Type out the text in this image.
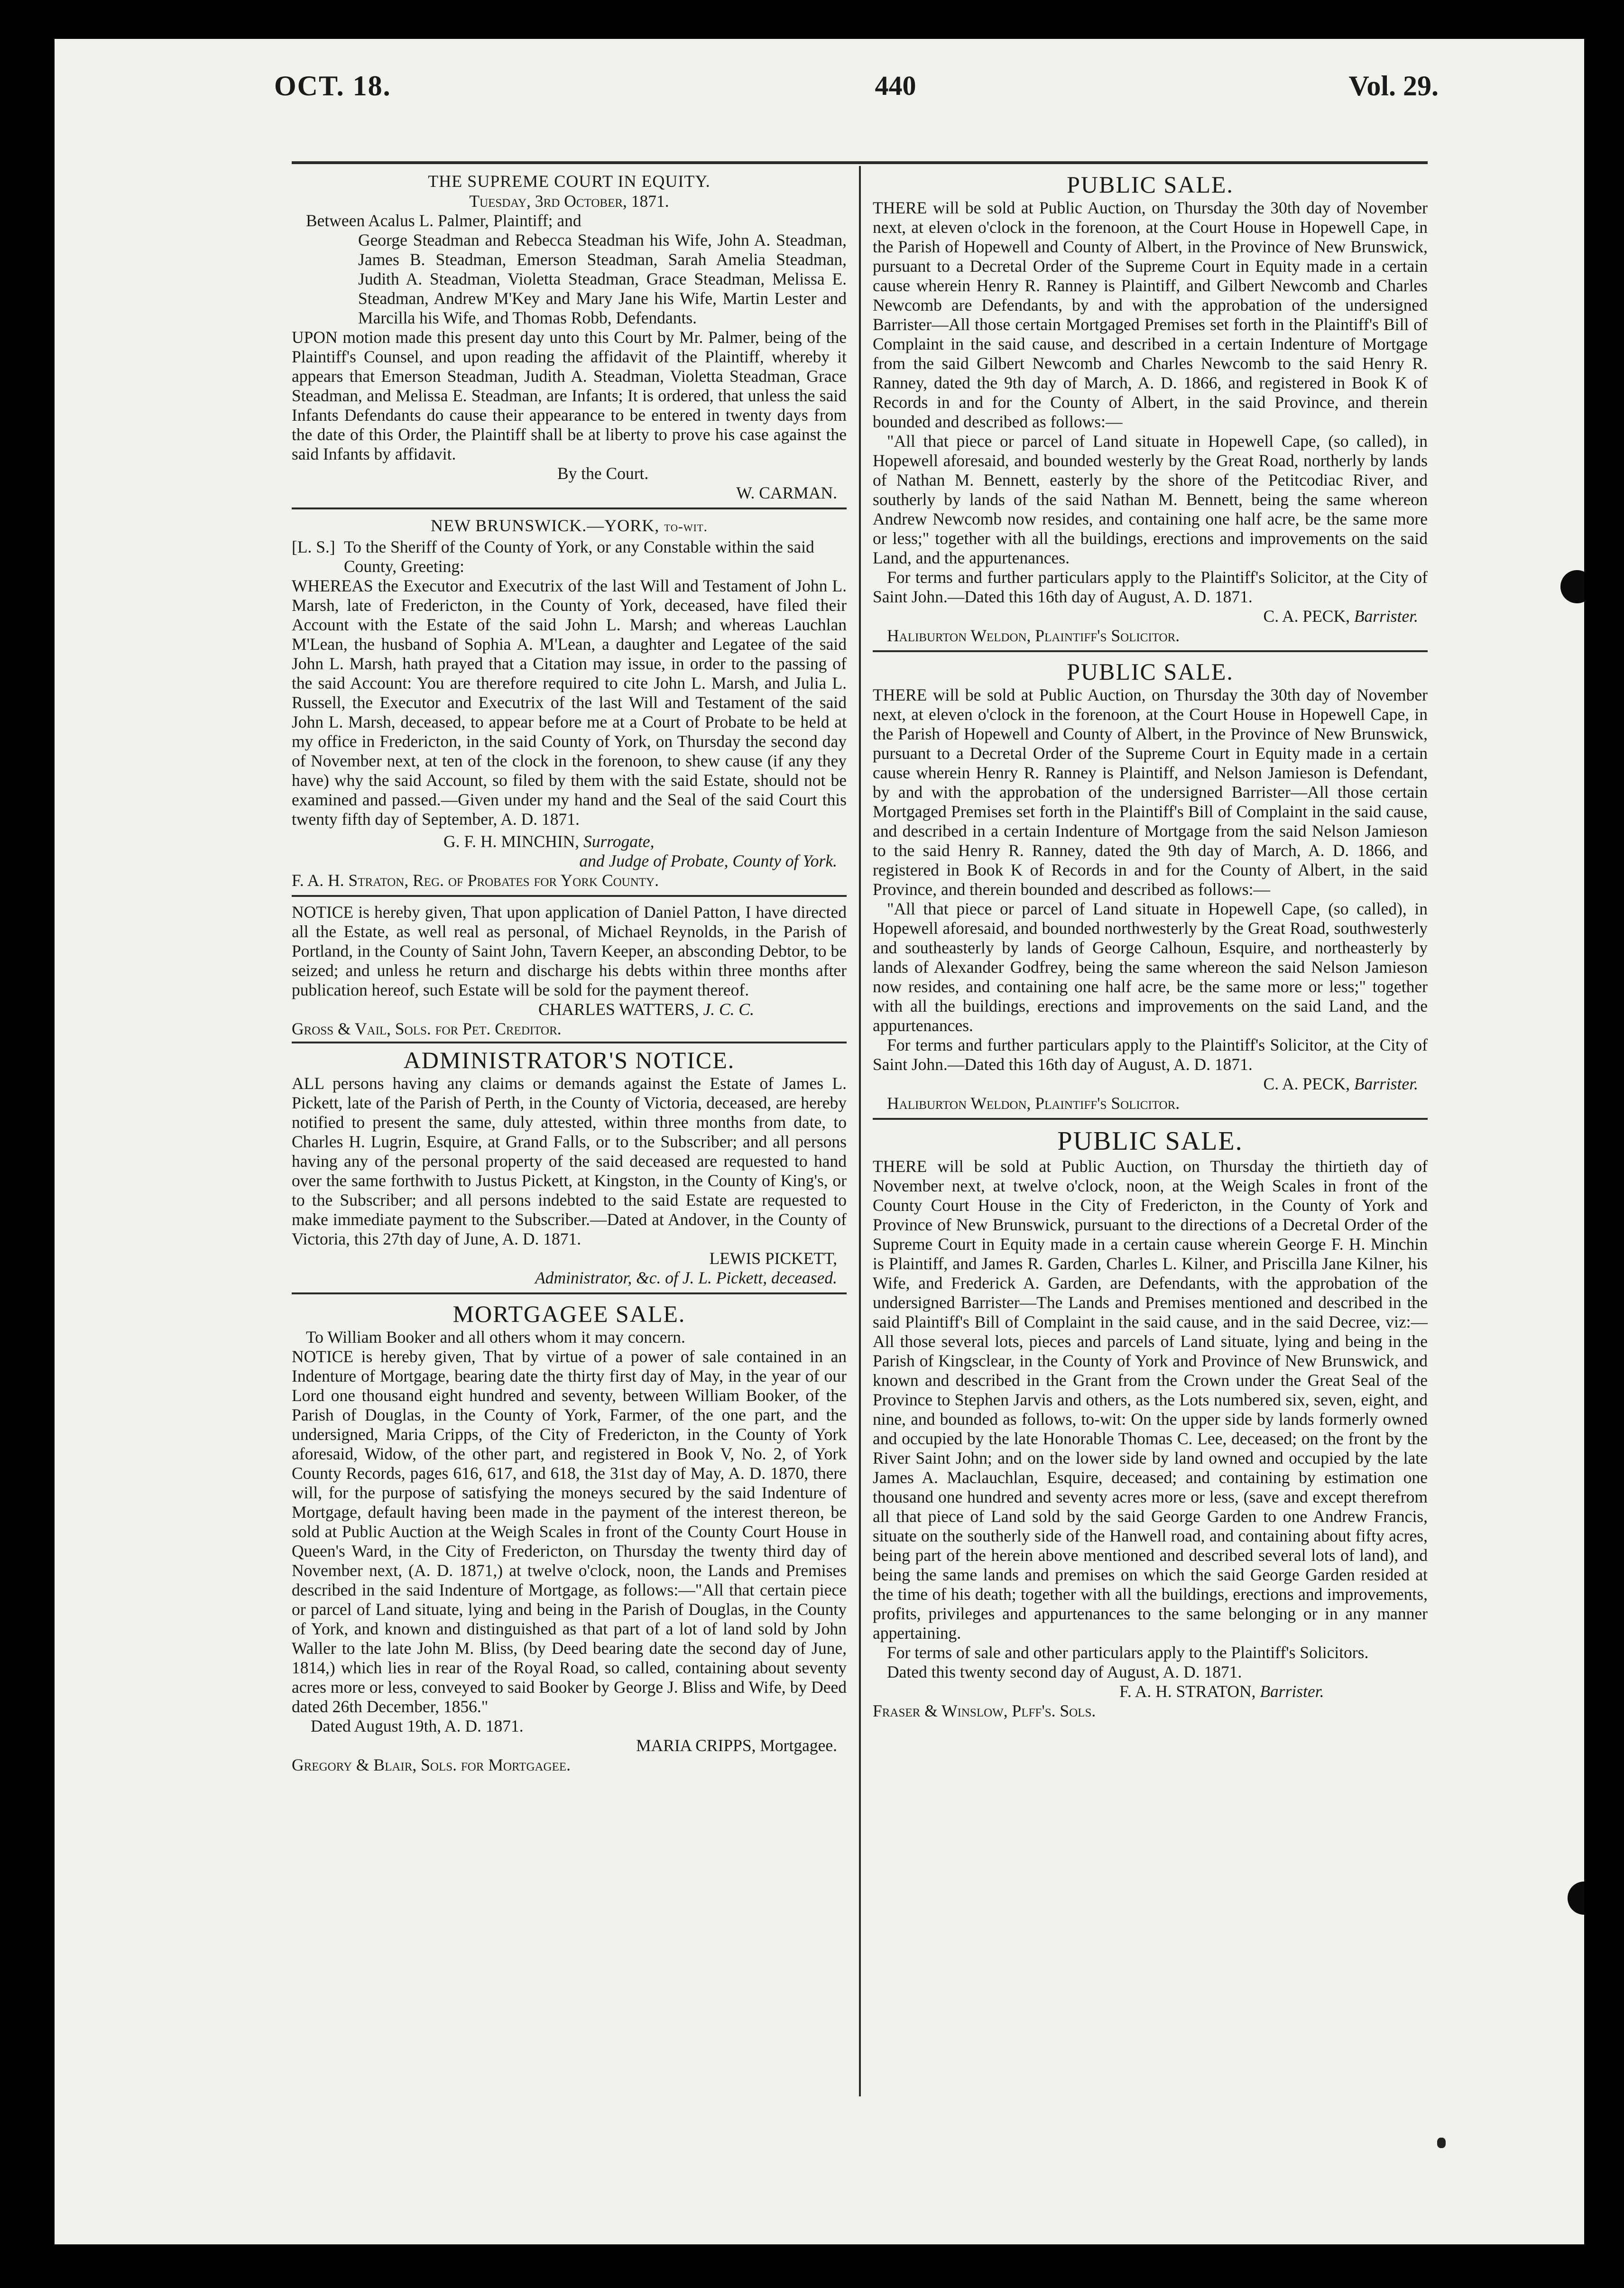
OCT. 18.	440	Vol. 29.
THE SUPREME COURT IN EQUITY.
Tuesday, 3rd October, 1871.

Between Acalus L. Palmer, Plaintiff; and

George Steadman and Rebecca Steadman his Wife, John A. Steadman, James B. Steadman, Emerson Steadman, Sarah Amelia Steadman, Judith A. Steadman, Violetta Steadman, Grace Steadman, Melissa E. Steadman, Andrew M'Key and Mary Jane his Wife, Martin Lester and Marcilla his Wife, and Thomas Robb, Defendants.

UPON motion made this present day unto this Court by Mr. Palmer, being of the Plaintiff's Counsel, and upon reading the affidavit of the Plaintiff, whereby it appears that Emerson Steadman, Judith A. Steadman, Violetta Steadman, Grace Steadman, and Melissa E. Steadman, are Infants; It is ordered, that unless the said Infants Defendants do cause their appearance to be entered in twenty days from the date of this Order, the Plaintiff shall be at liberty to prove his case against the said Infants by affidavit.

By the Court.

W. CARMAN.

NEW BRUNSWICK.—YORK, to-wit.

[L. S.] To the Sheriff of the County of York, or any Constable within the said County, Greeting:

WHEREAS the Executor and Executrix of the last Will and Testament of John L. Marsh, late of Fredericton, in the County of York, deceased, have filed their Account with the Estate of the said John L. Marsh; and whereas Lauchlan M'Lean, the husband of Sophia A. M'Lean, a daughter and Legatee of the said John L. Marsh, hath prayed that a Citation may issue, in order to the passing of the said Account: You are therefore required to cite John L. Marsh, and Julia L. Russell, the Executor and Executrix of the last Will and Testament of the said John L. Marsh, deceased, to appear before me at a Court of Probate to be held at my office in Fredericton, in the said County of York, on Thursday the second day of November next, at ten of the clock in the forenoon, to shew cause (if any they have) why the said Account, so filed by them with the said Estate, should not be examined and passed.—Given under my hand and the Seal of the said Court this twenty fifth day of September, A. D. 1871.

G. F. H. MINCHIN, Surrogate,

and Judge of Probate, County of York.

F. A. H. Straton, Reg. of Probates for York County.

NOTICE is hereby given, That upon application of Daniel Patton, I have directed all the Estate, as well real as personal, of Michael Reynolds, in the Parish of Portland, in the County of Saint John, Tavern Keeper, an absconding Debtor, to be seized; and unless he return and discharge his debts within three months after publication hereof, such Estate will be sold for the payment thereof.

CHARLES WATTERS, J. C. C.

Gross & Vail, Sols. for Pet. Creditor.

ADMINISTRATOR'S NOTICE.

ALL persons having any claims or demands against the Estate of James L. Pickett, late of the Parish of Perth, in the County of Victoria, deceased, are hereby notified to present the same, duly attested, within three months from date, to Charles H. Lugrin, Esquire, at Grand Falls, or to the Subscriber; and all persons having any of the personal property of the said deceased are requested to hand over the same forthwith to Justus Pickett, at Kingston, in the County of King's, or to the Subscriber; and all persons indebted to the said Estate are requested to make immediate payment to the Subscriber.—Dated at Andover, in the County of Victoria, this 27th day of June, A. D. 1871.

LEWIS PICKETT,

Administrator, &c. of J. L. Pickett, deceased.

MORTGAGEE SALE.

To William Booker and all others whom it may concern.

NOTICE is hereby given, That by virtue of a power of sale contained in an Indenture of Mortgage, bearing date the thirty first day of May, in the year of our Lord one thousand eight hundred and seventy, between William Booker, of the Parish of Douglas, in the County of York, Farmer, of the one part, and the undersigned, Maria Cripps, of the City of Fredericton, in the County of York aforesaid, Widow, of the other part, and registered in Book V, No. 2, of York County Records, pages 616, 617, and 618, the 31st day of May, A. D. 1870, there will, for the purpose of satisfying the moneys secured by the said Indenture of Mortgage, default having been made in the payment of the interest thereon, be sold at Public Auction at the Weigh Scales in front of the County Court House in Queen's Ward, in the City of Fredericton, on Thursday the twenty third day of November next, (A. D. 1871,) at twelve o'clock, noon, the Lands and Premises described in the said Indenture of Mortgage, as follows:—"All that certain piece or parcel of Land situate, lying and being in the Parish of Douglas, in the County of York, and known and distinguished as that part of a lot of land sold by John Waller to the late John M. Bliss, (by Deed bearing date the second day of June, 1814,) which lies in rear of the Royal Road, so called, containing about seventy acres more or less, conveyed to said Booker by George J. Bliss and Wife, by Deed dated 26th December, 1856."

Dated August 19th, A. D. 1871.

MARIA CRIPPS, Mortgagee.

Gregory & Blair, Sols. for Mortgagee.

PUBLIC SALE.

THERE will be sold at Public Auction, on Thursday the 30th day of November next, at eleven o'clock in the forenoon, at the Court House in Hopewell Cape, in the Parish of Hopewell and County of Albert, in the Province of New Brunswick, pursuant to a Decretal Order of the Supreme Court in Equity made in a certain cause wherein Henry R. Ranney is Plaintiff, and Gilbert Newcomb and Charles Newcomb are Defendants, by and with the approbation of the undersigned Barrister—All those certain Mortgaged Premises set forth in the Plaintiff's Bill of Complaint in the said cause, and described in a certain Indenture of Mortgage from the said Gilbert Newcomb and Charles Newcomb to the said Henry R. Ranney, dated the 9th day of March, A. D. 1866, and registered in Book K of Records in and for the County of Albert, in the said Province, and therein bounded and described as follows:—

"All that piece or parcel of Land situate in Hopewell Cape, (so called), in Hopewell aforesaid, and bounded westerly by the Great Road, northerly by lands of Nathan M. Bennett, easterly by the shore of the Petitcodiac River, and southerly by lands of the said Nathan M. Bennett, being the same whereon Andrew Newcomb now resides, and containing one half acre, be the same more or less;" together with all the buildings, erections and improvements on the said Land, and the appurtenances.

For terms and further particulars apply to the Plaintiff's Solicitor, at the City of Saint John.—Dated this 16th day of August, A. D. 1871.

C. A. PECK, Barrister.

Haliburton Weldon, Plaintiff's Solicitor.

PUBLIC SALE.

THERE will be sold at Public Auction, on Thursday the 30th day of November next, at eleven o'clock in the forenoon, at the Court House in Hopewell Cape, in the Parish of Hopewell and County of Albert, in the Province of New Brunswick, pursuant to a Decretal Order of the Supreme Court in Equity made in a certain cause wherein Henry R. Ranney is Plaintiff, and Nelson Jamieson is Defendant, by and with the approbation of the undersigned Barrister—All those certain Mortgaged Premises set forth in the Plaintiff's Bill of Complaint in the said cause, and described in a certain Indenture of Mortgage from the said Nelson Jamieson to the said Henry R. Ranney, dated the 9th day of March, A. D. 1866, and registered in Book K of Records in and for the County of Albert, in the said Province, and therein bounded and described as follows:—

"All that piece or parcel of Land situate in Hopewell Cape, (so called), in Hopewell aforesaid, and bounded northwesterly by the Great Road, southwesterly and southeasterly by lands of George Calhoun, Esquire, and northeasterly by lands of Alexander Godfrey, being the same whereon the said Nelson Jamieson now resides, and containing one half acre, be the same more or less;" together with all the buildings, erections and improvements on the said Land, and the appurtenances.

For terms and further particulars apply to the Plaintiff's Solicitor, at the City of Saint John.—Dated this 16th day of August, A. D. 1871.

C. A. PECK, Barrister.

Haliburton Weldon, Plaintiff's Solicitor.

PUBLIC SALE.

THERE will be sold at Public Auction, on Thursday the thirtieth day of November next, at twelve o'clock, noon, at the Weigh Scales in front of the County Court House in the City of Fredericton, in the County of York and Province of New Brunswick, pursuant to the directions of a Decretal Order of the Supreme Court in Equity made in a certain cause wherein George F. H. Minchin is Plaintiff, and James R. Garden, Charles L. Kilner, and Priscilla Jane Kilner, his Wife, and Frederick A. Garden, are Defendants, with the approbation of the undersigned Barrister—The Lands and Premises mentioned and described in the said Plaintiff's Bill of Complaint in the said cause, and in the said Decree, viz:—All those several lots, pieces and parcels of Land situate, lying and being in the Parish of Kingsclear, in the County of York and Province of New Brunswick, and known and described in the Grant from the Crown under the Great Seal of the Province to Stephen Jarvis and others, as the Lots numbered six, seven, eight, and nine, and bounded as follows, to-wit: On the upper side by lands formerly owned and occupied by the late Honorable Thomas C. Lee, deceased; on the front by the River Saint John; and on the lower side by land owned and occupied by the late James A. Maclauchlan, Esquire, deceased; and containing by estimation one thousand one hundred and seventy acres more or less, (save and except therefrom all that piece of Land sold by the said George Garden to one Andrew Francis, situate on the southerly side of the Hanwell road, and containing about fifty acres, being part of the herein above mentioned and described several lots of land), and being the same lands and premises on which the said George Garden resided at the time of his death; together with all the buildings, erections and improvements, profits, privileges and appurtenances to the same belonging or in any manner appertaining.

For terms of sale and other particulars apply to the Plaintiff's Solicitors.

Dated this twenty second day of August, A. D. 1871.

F. A. H. STRATON, Barrister.

Fraser & Winslow, Plff's. Sols.
